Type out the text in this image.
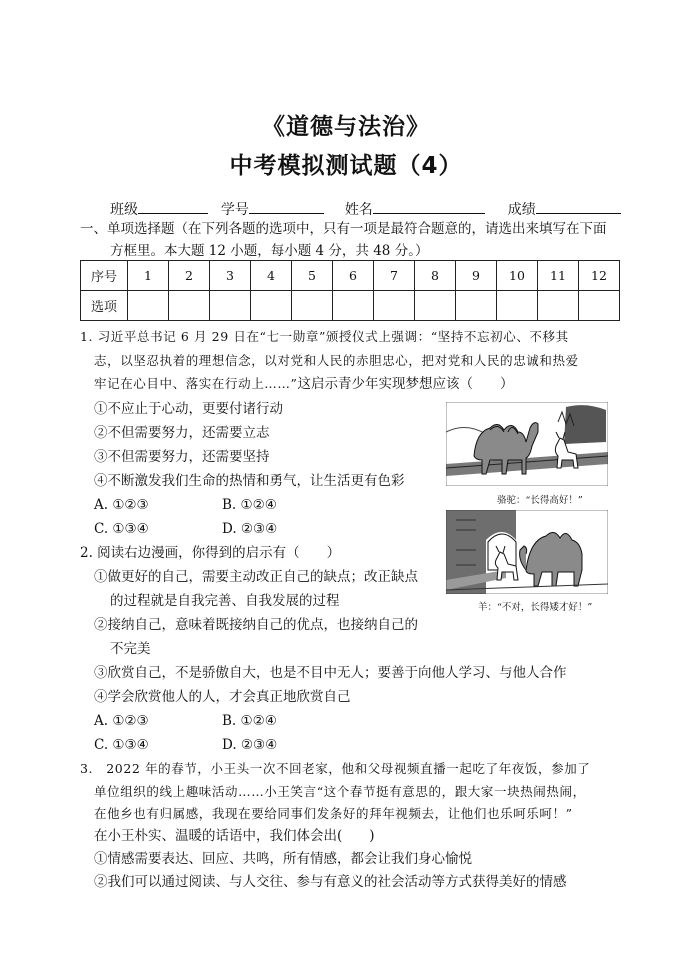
《道德与法治》
中考模拟测试题（4）
班级	学号	姓名	成绩
一、单项选择题（在下列各题的选项中，只有一项是最符合题意的，请选出来填写在下面
方框里。本大题 12 小题，每小题 4 分，共 48 分。）
序号	1	2	3	4	5	6	7	8	9	10	11	12
选项												
1. 习近平总书记 6 月 29 日在“七一勋章”颁授仪式上强调：“坚持不忘初心、不移其
志，以坚忍执着的理想信念，以对党和人民的赤胆忠心，把对党和人民的忠诚和热爱
牢记在心目中、落实在行动上……”这启示青少年实现梦想应该（　　）
①不应止于心动，更要付诸行动
②不但需要努力，还需要立志
③不但需要努力，还需要坚持
④不断激发我们生命的热情和勇气，让生活更有色彩
A. ①②③	B. ①②④
C. ①③④	D. ②③④
2. 阅读右边漫画，你得到的启示有（　　）
①做更好的自己，需要主动改正自己的缺点；改正缺点
的过程就是自我完善、自我发展的过程
②接纳自己，意味着既接纳自己的优点，也接纳自己的
不完美
③欣赏自己，不是骄傲自大，也是不目中无人；要善于向他人学习、与他人合作
④学会欣赏他人的人，才会真正地欣赏自己
A. ①②③	B. ①②④
C. ①③④	D. ②③④
骆驼：“长得高好！”
羊：“不对，长得矮才好！”
3.　2022 年的春节，小王头一次不回老家，他和父母视频直播一起吃了年夜饭，参加了
单位组织的线上趣味活动……小王笑言“这个春节挺有意思的，跟大家一块热闹热闹，
在他乡也有归属感，我现在要给同事们发条好的拜年视频去，让他们也乐呵乐呵！”
在小王朴实、温暖的话语中，我们体会出(　　)
①情感需要表达、回应、共鸣，所有情感，都会让我们身心愉悦
②我们可以通过阅读、与人交往、参与有意义的社会活动等方式获得美好的情感
